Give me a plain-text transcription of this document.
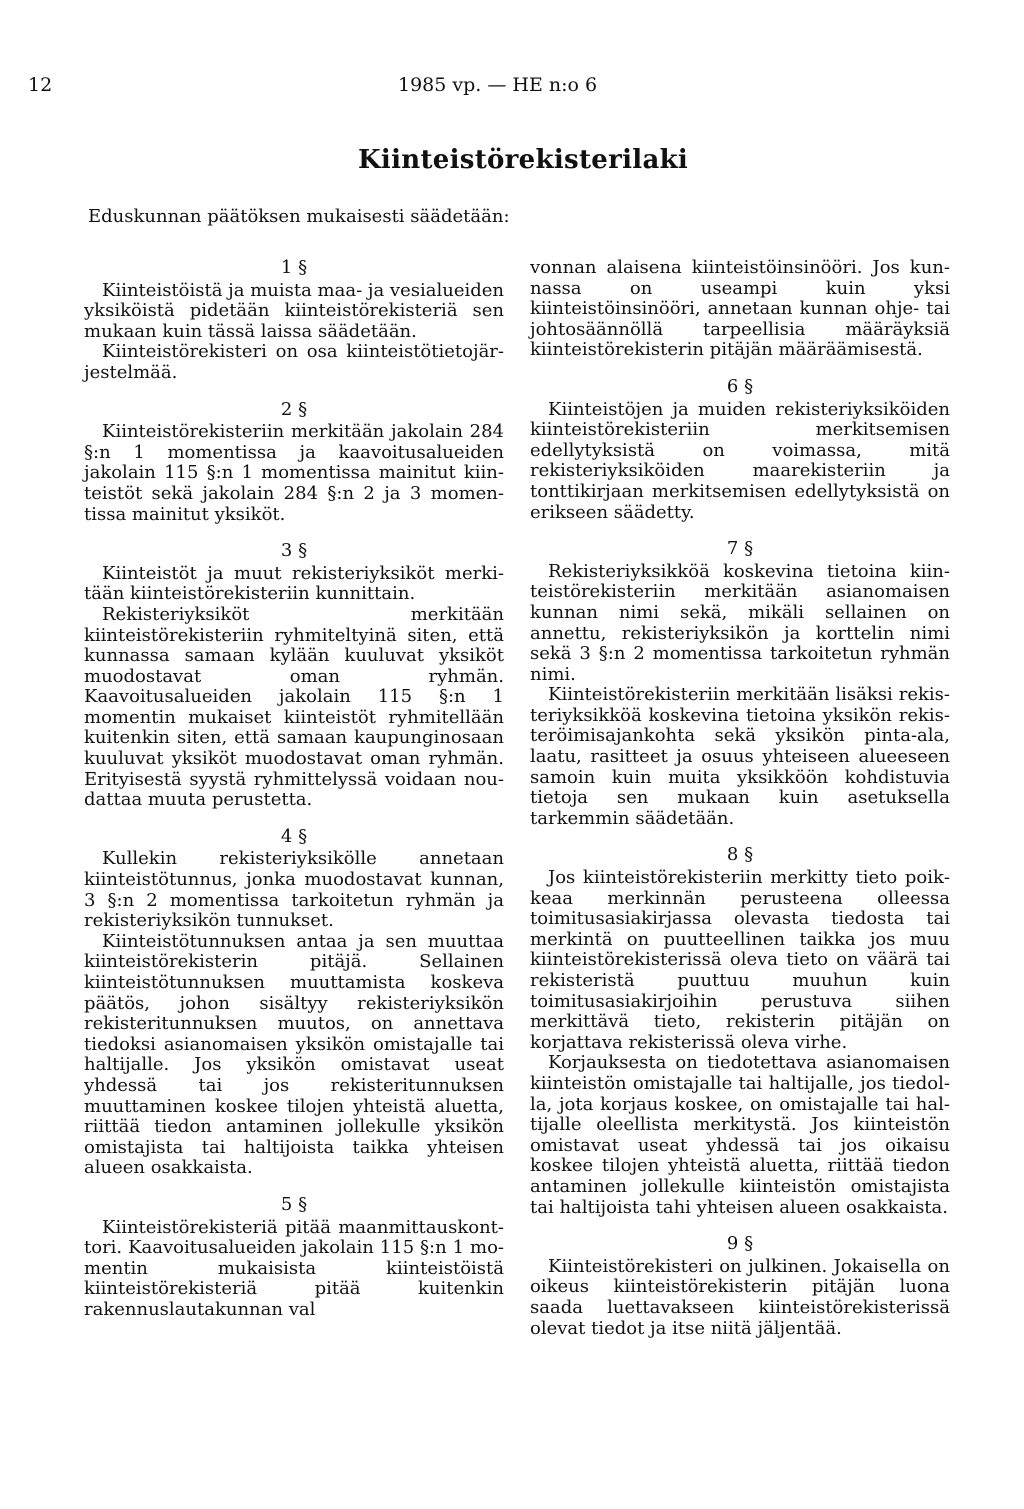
12	1985 vp. — HE n:o 6
Kiinteistörekisterilaki
Eduskunnan päätöksen mukaisesti säädetään:
1 §

Kiinteistöistä ja muista maa- ja vesialueiden yksiköistä pidetään kiinteistörekisteriä sen mukaan kuin tässä laissa säädetään.

Kiinteistörekisteri on osa kiinteistötietojärjestelmää.

2 §

Kiinteistörekisteriin merkitään jakolain 284 §:n 1 momentissa ja kaavoitusalueiden jakolain 115 §:n 1 momentissa mainitut kiinteistöt sekä jakolain 284 §:n 2 ja 3 momentissa mainitut yksiköt.

3 §

Kiinteistöt ja muut rekisteriyksiköt merkitään kiinteistörekisteriin kunnittain.

Rekisteriyksiköt merkitään kiinteistörekisteriin ryhmiteltyinä siten, että kunnassa samaan kylään kuuluvat yksiköt muodostavat oman ryhmän. Kaavoitusalueiden jakolain 115 §:n 1 momentin mukaiset kiinteistöt ryhmitellään kuitenkin siten, että samaan kaupunginosaan kuuluvat yksiköt muodostavat oman ryhmän. Erityisestä syystä ryhmittelyssä voidaan noudattaa muuta perustetta.

4 §

Kullekin rekisteriyksikölle annetaan kiinteistötunnus, jonka muodostavat kunnan, 3 §:n 2 momentissa tarkoitetun ryhmän ja rekisteriyksikön tunnukset.

Kiinteistötunnuksen antaa ja sen muuttaa kiinteistörekisterin pitäjä. Sellainen kiinteistötunnuksen muuttamista koskeva päätös, johon sisältyy rekisteriyksikön rekisteritunnuksen muutos, on annettava tiedoksi asianomaisen yksikön omistajalle tai haltijalle. Jos yksikön omistavat useat yhdessä tai jos rekisteritunnuksen muuttaminen koskee tilojen yhteistä aluetta, riittää tiedon antaminen jollekulle yksikön omistajista tai haltijoista taikka yhteisen alueen osakkaista.

5 §

Kiinteistörekisteriä pitää maanmittauskonttori. Kaavoitusalueiden jakolain 115 §:n 1 momentin mukaisista kiinteistöistä kiinteistörekisteriä pitää kuitenkin rakennuslautakunnan val

vonnan alaisena kiinteistöinsinööri. Jos kunnassa on useampi kuin yksi kiinteistöinsinööri, annetaan kunnan ohje- tai johtosäännöllä tarpeellisia määräyksiä kiinteistörekisterin pitäjän määräämisestä.

6 §

Kiinteistöjen ja muiden rekisteriyksiköiden kiinteistörekisteriin merkitsemisen edellytyksistä on voimassa, mitä rekisteriyksiköiden maarekisteriin ja tonttikirjaan merkitsemisen edellytyksistä on erikseen säädetty.

7 §

Rekisteriyksikköä koskevina tietoina kiinteistörekisteriin merkitään asianomaisen kunnan nimi sekä, mikäli sellainen on annettu, rekisteriyksikön ja korttelin nimi sekä 3 §:n 2 momentissa tarkoitetun ryhmän nimi.

Kiinteistörekisteriin merkitään lisäksi rekisteriyksikköä koskevina tietoina yksikön rekisteröimisajankohta sekä yksikön pinta-ala, laatu, rasitteet ja osuus yhteiseen alueeseen samoin kuin muita yksikköön kohdistuvia tietoja sen mukaan kuin asetuksella tarkemmin säädetään.

8 §

Jos kiinteistörekisteriin merkitty tieto poikkeaa merkinnän perusteena olleessa toimitusasiakirjassa olevasta tiedosta tai merkintä on puutteellinen taikka jos muu kiinteistörekisterissä oleva tieto on väärä tai rekisteristä puuttuu muuhun kuin toimitusasiakirjoihin perustuva siihen merkittävä tieto, rekisterin pitäjän on korjattava rekisterissä oleva virhe.

Korjauksesta on tiedotettava asianomaisen kiinteistön omistajalle tai haltijalle, jos tiedolla, jota korjaus koskee, on omistajalle tai haltijalle oleellista merkitystä. Jos kiinteistön omistavat useat yhdessä tai jos oikaisu koskee tilojen yhteistä aluetta, riittää tiedon antaminen jollekulle kiinteistön omistajista tai haltijoista tahi yhteisen alueen osakkaista.

9 §

Kiinteistörekisteri on julkinen. Jokaisella on oikeus kiinteistörekisterin pitäjän luona saada luettavakseen kiinteistörekisterissä olevat tiedot ja itse niitä jäljentää.
